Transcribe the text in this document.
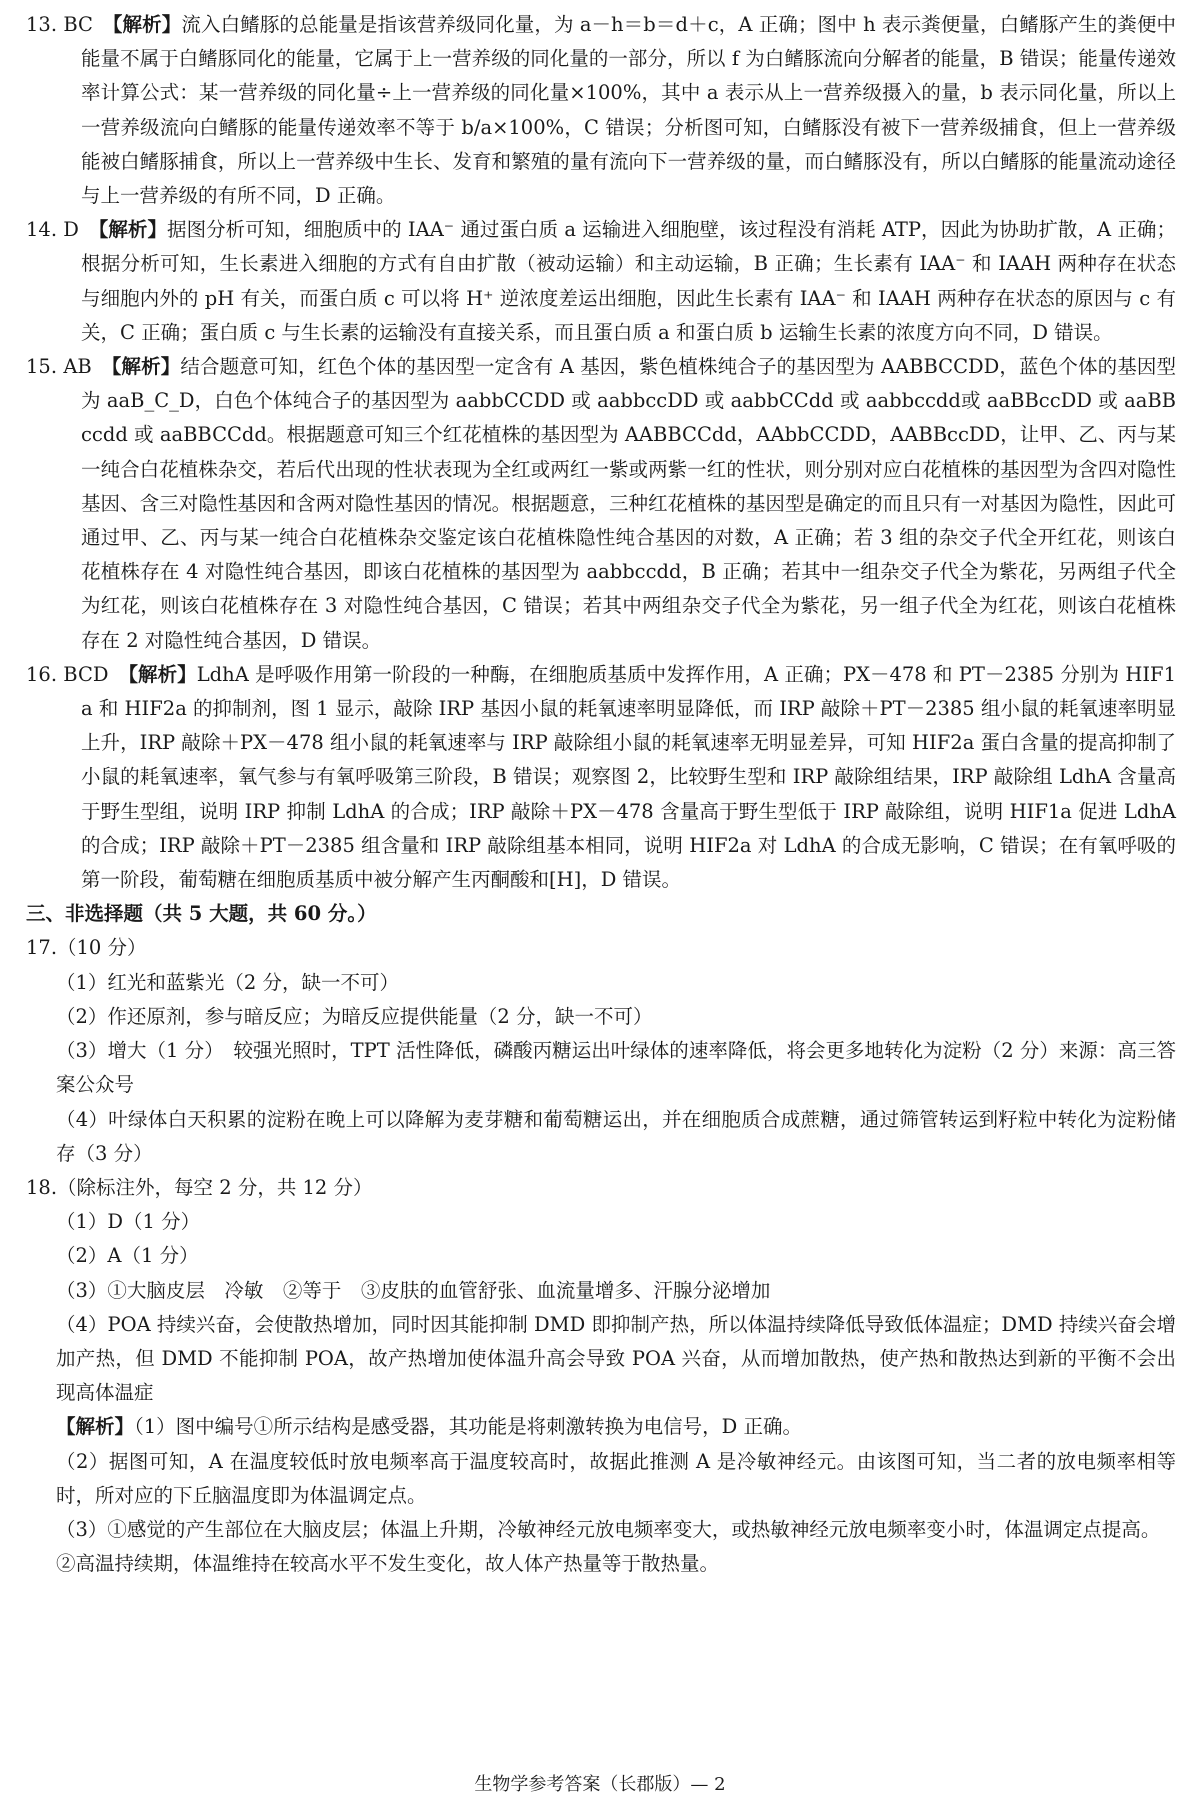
13. BC　 【解析】流入白鳍豚的总能量是指该营养级同化量，为 a－h＝b＝d＋c，A 正确；图中 h 表示粪便量，白鳍豚产生的粪便中能量不属于白鳍豚同化的能量，它属于上一营养级的同化量的一部分，所以 f 为白鳍豚流向分解者的能量，B 错误；能量传递效率计算公式：某一营养级的同化量÷上一营养级的同化量×100%，其中 a 表示从上一营养级摄入的量，b 表示同化量，所以上一营养级流向白鳍豚的能量传递效率不等于 b/a×100%，C 错误；分析图可知，白鳍豚没有被下一营养级捕食，但上一营养级能被白鳍豚捕食，所以上一营养级中生长、发育和繁殖的量有流向下一营养级的量，而白鳍豚没有，所以白鳍豚的能量流动途径与上一营养级的有所不同，D 正确。

14. D　 【解析】据图分析可知，细胞质中的 IAA⁻ 通过蛋白质 a 运输进入细胞壁，该过程没有消耗 ATP，因此为协助扩散，A 正确；根据分析可知，生长素进入细胞的方式有自由扩散（被动运输）和主动运输，B 正确；生长素有 IAA⁻ 和 IAAH 两种存在状态与细胞内外的 pH 有关，而蛋白质 c 可以将 H⁺ 逆浓度差运出细胞，因此生长素有 IAA⁻ 和 IAAH 两种存在状态的原因与 c 有关，C 正确；蛋白质 c 与生长素的运输没有直接关系，而且蛋白质 a 和蛋白质 b 运输生长素的浓度方向不同，D 错误。

15. AB　 【解析】结合题意可知，红色个体的基因型一定含有 A 基因，紫色植株纯合子的基因型为 AABBCCDD，蓝色个体的基因型为 aaB_C_D，白色个体纯合子的基因型为 aabbCCDD 或 aabbccDD 或 aabbCCdd 或 aabbccdd或 aaBBccDD 或 aaBBccdd 或 aaBBCCdd。根据题意可知三个红花植株的基因型为 AABBCCdd，AAbbCCDD，AABBccDD，让甲、乙、丙与某一纯合白花植株杂交，若后代出现的性状表现为全红或两红一紫或两紫一红的性状，则分别对应白花植株的基因型为含四对隐性基因、含三对隐性基因和含两对隐性基因的情况。根据题意，三种红花植株的基因型是确定的而且只有一对基因为隐性，因此可通过甲、乙、丙与某一纯合白花植株杂交鉴定该白花植株隐性纯合基因的对数，A 正确；若 3 组的杂交子代全开红花，则该白花植株存在 4 对隐性纯合基因，即该白花植株的基因型为 aabbccdd，B 正确；若其中一组杂交子代全为紫花，另两组子代全为红花，则该白花植株存在 3 对隐性纯合基因，C 错误；若其中两组杂交子代全为紫花，另一组子代全为红花，则该白花植株存在 2 对隐性纯合基因，D 错误。

16. BCD　 【解析】LdhA 是呼吸作用第一阶段的一种酶，在细胞质基质中发挥作用，A 正确；PX－478 和 PT－2385 分别为 HIF1a 和 HIF2a 的抑制剂，图 1 显示，敲除 IRP 基因小鼠的耗氧速率明显降低，而 IRP 敲除＋PT－2385 组小鼠的耗氧速率明显上升，IRP 敲除＋PX－478 组小鼠的耗氧速率与 IRP 敲除组小鼠的耗氧速率无明显差异，可知 HIF2a 蛋白含量的提高抑制了小鼠的耗氧速率，氧气参与有氧呼吸第三阶段，B 错误；观察图 2，比较野生型和 IRP 敲除组结果，IRP 敲除组 LdhA 含量高于野生型组，说明 IRP 抑制 LdhA 的合成；IRP 敲除＋PX－478 含量高于野生型低于 IRP 敲除组，说明 HIF1a 促进 LdhA 的合成；IRP 敲除＋PT－2385 组含量和 IRP 敲除组基本相同，说明 HIF2a 对 LdhA 的合成无影响，C 错误；在有氧呼吸的第一阶段，葡萄糖在细胞质基质中被分解产生丙酮酸和[H]，D 错误。

三、非选择题（共 5 大题，共 60 分。）

17.（10 分）

（1）红光和蓝紫光（2 分，缺一不可）

（2）作还原剂，参与暗反应；为暗反应提供能量（2 分，缺一不可）

（3）增大（1 分）　较强光照时，TPT 活性降低，磷酸丙糖运出叶绿体的速率降低，将会更多地转化为淀粉（2 分）来源：高三答案公众号

（4）叶绿体白天积累的淀粉在晚上可以降解为麦芽糖和葡萄糖运出，并在细胞质合成蔗糖，通过筛管转运到籽粒中转化为淀粉储存（3 分）

18.（除标注外，每空 2 分，共 12 分）

（1）D（1 分）

（2）A（1 分）

（3）①大脑皮层　冷敏　②等于　③皮肤的血管舒张、血流量增多、汗腺分泌增加

（4）POA 持续兴奋，会使散热增加，同时因其能抑制 DMD 即抑制产热，所以体温持续降低导致低体温症；DMD 持续兴奋会增加产热，但 DMD 不能抑制 POA，故产热增加使体温升高会导致 POA 兴奋，从而增加散热，使产热和散热达到新的平衡不会出现高体温症

【解析】（1）图中编号①所示结构是感受器，其功能是将刺激转换为电信号，D 正确。

（2）据图可知，A 在温度较低时放电频率高于温度较高时，故据此推测 A 是冷敏神经元。由该图可知，当二者的放电频率相等时，所对应的下丘脑温度即为体温调定点。

（3）①感觉的产生部位在大脑皮层；体温上升期，冷敏神经元放电频率变大，或热敏神经元放电频率变小时，体温调定点提高。

②高温持续期，体温维持在较高水平不发生变化，故人体产热量等于散热量。

生物学参考答案（长郡版）— 2
